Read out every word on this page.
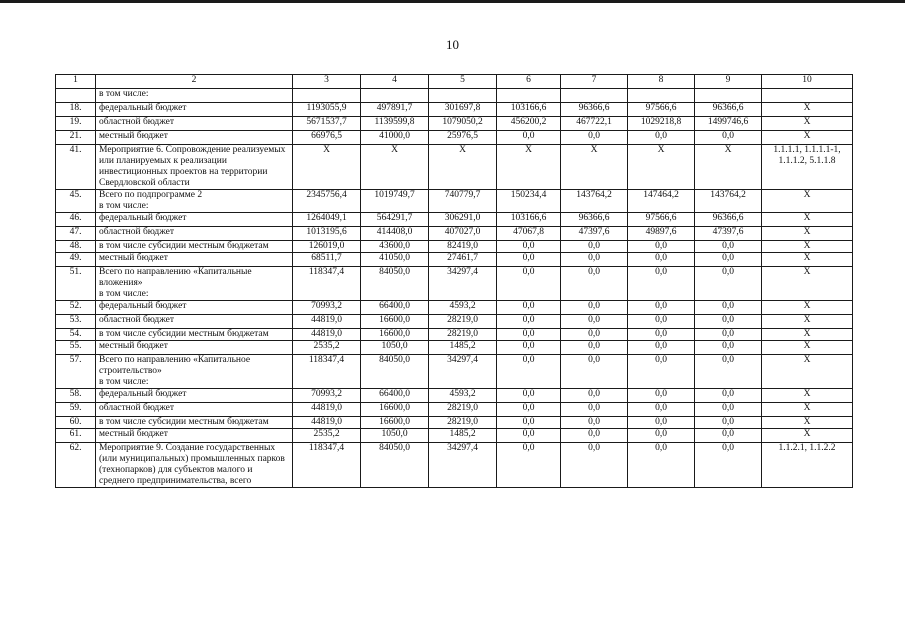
10
1	2	3	4	5	6	7	8	9	10
	в том числе:								
18.	федеральный бюджет	1193055,9	497891,7	301697,8	103166,6	96366,6	97566,6	96366,6	Х
19.	областной бюджет	5671537,7	1139599,8	1079050,2	456200,2	467722,1	1029218,8	1499746,6	Х
21.	местный бюджет	66976,5	41000,0	25976,5	0,0	0,0	0,0	0,0	Х
41.	Мероприятие 6. Сопровождение реализуемых или планируемых к реализации инвестиционных проектов на территории Свердловской области	Х	Х	Х	Х	Х	Х	Х	1.1.1.1, 1.1.1.1-1, 1.1.1.2, 5.1.1.8
45.	Всего по подпрограмме 2
в том числе:	2345756,4	1019749,7	740779,7	150234,4	143764,2	147464,2	143764,2	Х
46.	федеральный бюджет	1264049,1	564291,7	306291,0	103166,6	96366,6	97566,6	96366,6	Х
47.	областной бюджет	1013195,6	414408,0	407027,0	47067,8	47397,6	49897,6	47397,6	Х
48.	в том числе субсидии местным бюджетам	126019,0	43600,0	82419,0	0,0	0,0	0,0	0,0	Х
49.	местный бюджет	68511,7	41050,0	27461,7	0,0	0,0	0,0	0,0	Х
51.	Всего по направлению «Капитальные вложения»
в том числе:	118347,4	84050,0	34297,4	0,0	0,0	0,0	0,0	Х
52.	федеральный бюджет	70993,2	66400,0	4593,2	0,0	0,0	0,0	0,0	Х
53.	областной бюджет	44819,0	16600,0	28219,0	0,0	0,0	0,0	0,0	Х
54.	в том числе субсидии местным бюджетам	44819,0	16600,0	28219,0	0,0	0,0	0,0	0,0	Х
55.	местный бюджет	2535,2	1050,0	1485,2	0,0	0,0	0,0	0,0	Х
57.	Всего по направлению «Капитальное строительство»
в том числе:	118347,4	84050,0	34297,4	0,0	0,0	0,0	0,0	Х
58.	федеральный бюджет	70993,2	66400,0	4593,2	0,0	0,0	0,0	0,0	Х
59.	областной бюджет	44819,0	16600,0	28219,0	0,0	0,0	0,0	0,0	Х
60.	в том числе субсидии местным бюджетам	44819,0	16600,0	28219,0	0,0	0,0	0,0	0,0	Х
61.	местный бюджет	2535,2	1050,0	1485,2	0,0	0,0	0,0	0,0	Х
62.	Мероприятие 9. Создание государственных (или муниципальных) промышленных парков (технопарков) для субъектов малого и среднего предпринимательства, всего	118347,4	84050,0	34297,4	0,0	0,0	0,0	0,0	1.1.2.1, 1.1.2.2
